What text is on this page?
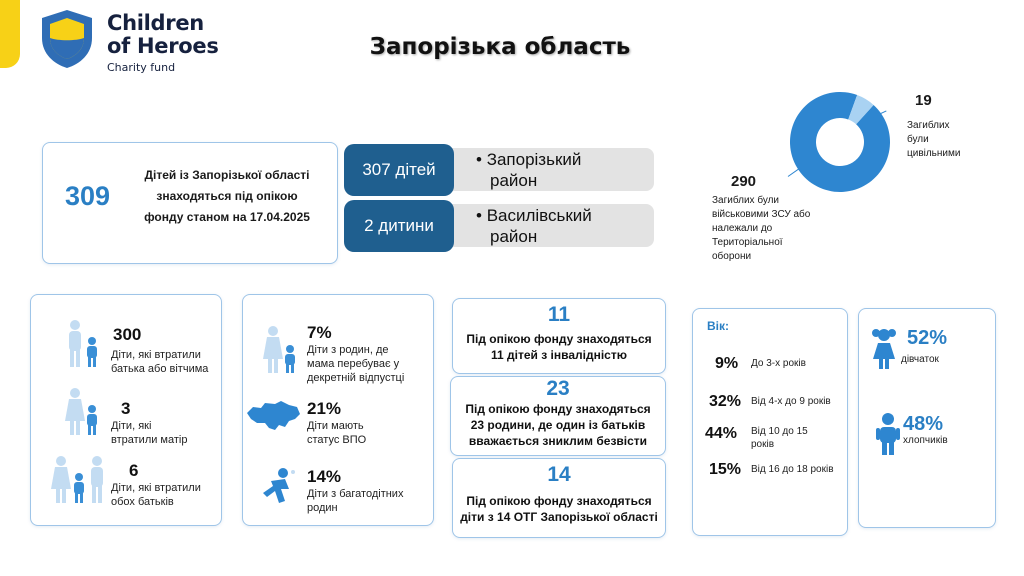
Children
of Heroes
Charity fund
Запорізька область
309
Дітей із Запорізької області
знаходяться під опікою
фонду станом на 17.04.2025
• Запорізький
район
307 дітей
• Василівський
район
2 дитини
19
Загиблих
були
цивільними
290
Загиблих були
військовими ЗСУ або
належали до
Територіальної
оборони
300
Діти, які втратили
батька або вітчима
3
Діти, які
втратили матір
6
Діти, які втратили
обох батьків
7%
Діти з родин, де
мама перебуває у
декретній відпустці
21%
Діти мають
статус ВПО
14%
Діти з багатодітних
родин
11
Під опікою фонду знаходяться
11 дітей з інвалідністю
23
Під опікою фонду знаходяться
23 родини, де один із батьків
вважається зниклим безвісти
14
Під опікою фонду знаходяться
діти з 14 ОТГ Запорізької області
Вік:
9% До 3-х років
32% Від 4-х до 9 років
44% Від 10 до 15
років
15% Від 16 до 18 років
52%
дівчаток
48%
хлопчиків
